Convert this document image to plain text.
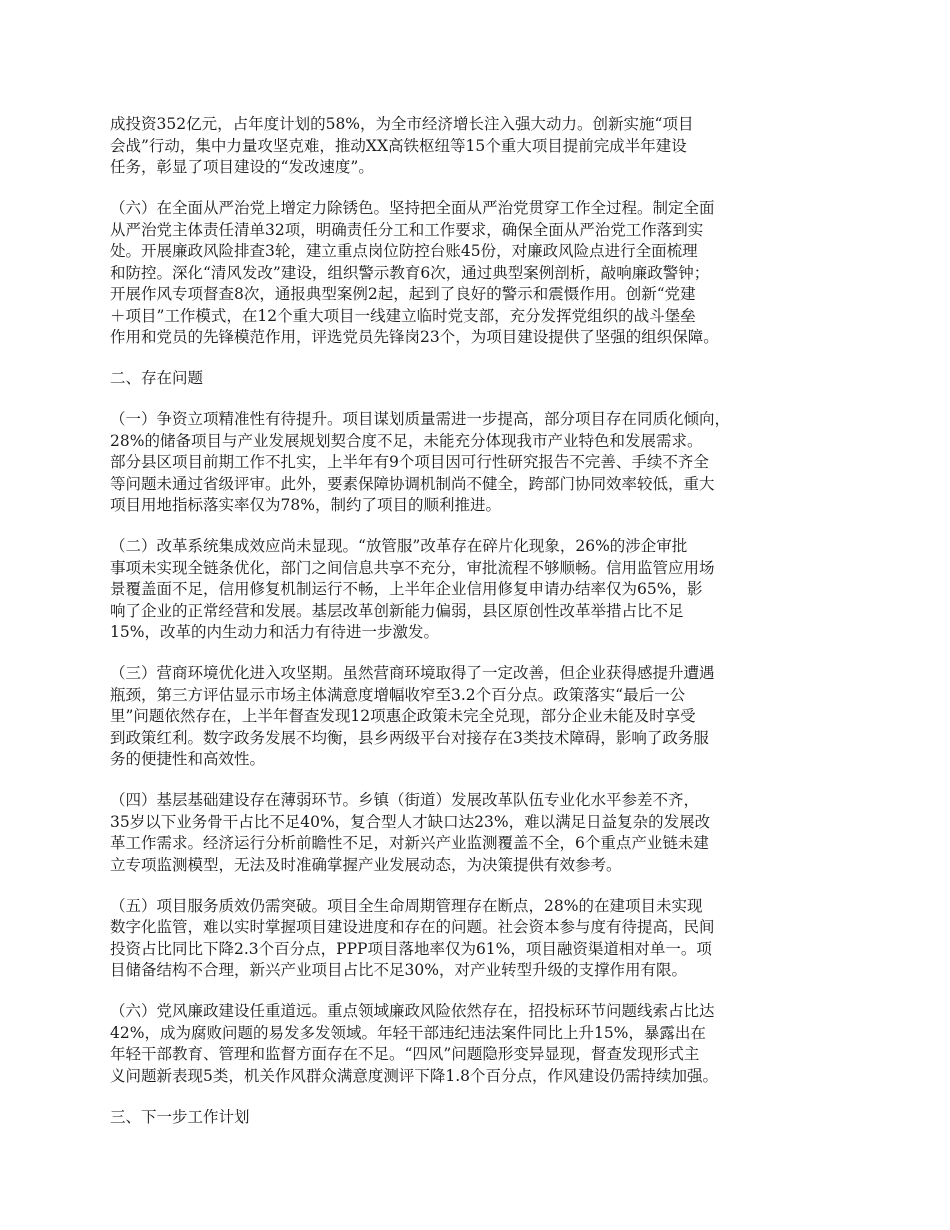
成投资352亿元，占年度计划的58%，为全市经济增长注入强大动力。创新实施“项目
会战”行动，集中力量攻坚克难，推动XX高铁枢纽等15个重大项目提前完成半年建设
任务，彰显了项目建设的“发改速度”。
（六）在全面从严治党上增定力除锈色。坚持把全面从严治党贯穿工作全过程。制定全面
从严治党主体责任清单32项，明确责任分工和工作要求，确保全面从严治党工作落到实
处。开展廉政风险排查3轮，建立重点岗位防控台账45份，对廉政风险点进行全面梳理
和防控。深化“清风发改”建设，组织警示教育6次，通过典型案例剖析，敲响廉政警钟；
开展作风专项督查8次，通报典型案例2起，起到了良好的警示和震慑作用。创新“党建
＋项目”工作模式，在12个重大项目一线建立临时党支部，充分发挥党组织的战斗堡垒
作用和党员的先锋模范作用，评选党员先锋岗23个，为项目建设提供了坚强的组织保障。
二、存在问题
（一）争资立项精准性有待提升。项目谋划质量需进一步提高，部分项目存在同质化倾向，
28%的储备项目与产业发展规划契合度不足，未能充分体现我市产业特色和发展需求。
部分县区项目前期工作不扎实，上半年有9个项目因可行性研究报告不完善、手续不齐全
等问题未通过省级评审。此外，要素保障协调机制尚不健全，跨部门协同效率较低，重大
项目用地指标落实率仅为78%，制约了项目的顺利推进。
（二）改革系统集成效应尚未显现。“放管服”改革存在碎片化现象，26%的涉企审批
事项未实现全链条优化，部门之间信息共享不充分，审批流程不够顺畅。信用监管应用场
景覆盖面不足，信用修复机制运行不畅，上半年企业信用修复申请办结率仅为65%，影
响了企业的正常经营和发展。基层改革创新能力偏弱，县区原创性改革举措占比不足
15%，改革的内生动力和活力有待进一步激发。
（三）营商环境优化进入攻坚期。虽然营商环境取得了一定改善，但企业获得感提升遭遇
瓶颈，第三方评估显示市场主体满意度增幅收窄至3.2个百分点。政策落实“最后一公
里”问题依然存在，上半年督查发现12项惠企政策未完全兑现，部分企业未能及时享受
到政策红利。数字政务发展不均衡，县乡两级平台对接存在3类技术障碍，影响了政务服
务的便捷性和高效性。
（四）基层基础建设存在薄弱环节。乡镇（街道）发展改革队伍专业化水平参差不齐，
35岁以下业务骨干占比不足40%，复合型人才缺口达23%，难以满足日益复杂的发展改
革工作需求。经济运行分析前瞻性不足，对新兴产业监测覆盖不全，6个重点产业链未建
立专项监测模型，无法及时准确掌握产业发展动态，为决策提供有效参考。
（五）项目服务质效仍需突破。项目全生命周期管理存在断点，28%的在建项目未实现
数字化监管，难以实时掌握项目建设进度和存在的问题。社会资本参与度有待提高，民间
投资占比同比下降2.3个百分点，PPP项目落地率仅为61%，项目融资渠道相对单一。项
目储备结构不合理，新兴产业项目占比不足30%，对产业转型升级的支撑作用有限。
（六）党风廉政建设任重道远。重点领域廉政风险依然存在，招投标环节问题线索占比达
42%，成为腐败问题的易发多发领域。年轻干部违纪违法案件同比上升15%，暴露出在
年轻干部教育、管理和监督方面存在不足。“四风”问题隐形变异显现，督查发现形式主
义问题新表现5类，机关作风群众满意度测评下降1.8个百分点，作风建设仍需持续加强。
三、下一步工作计划
